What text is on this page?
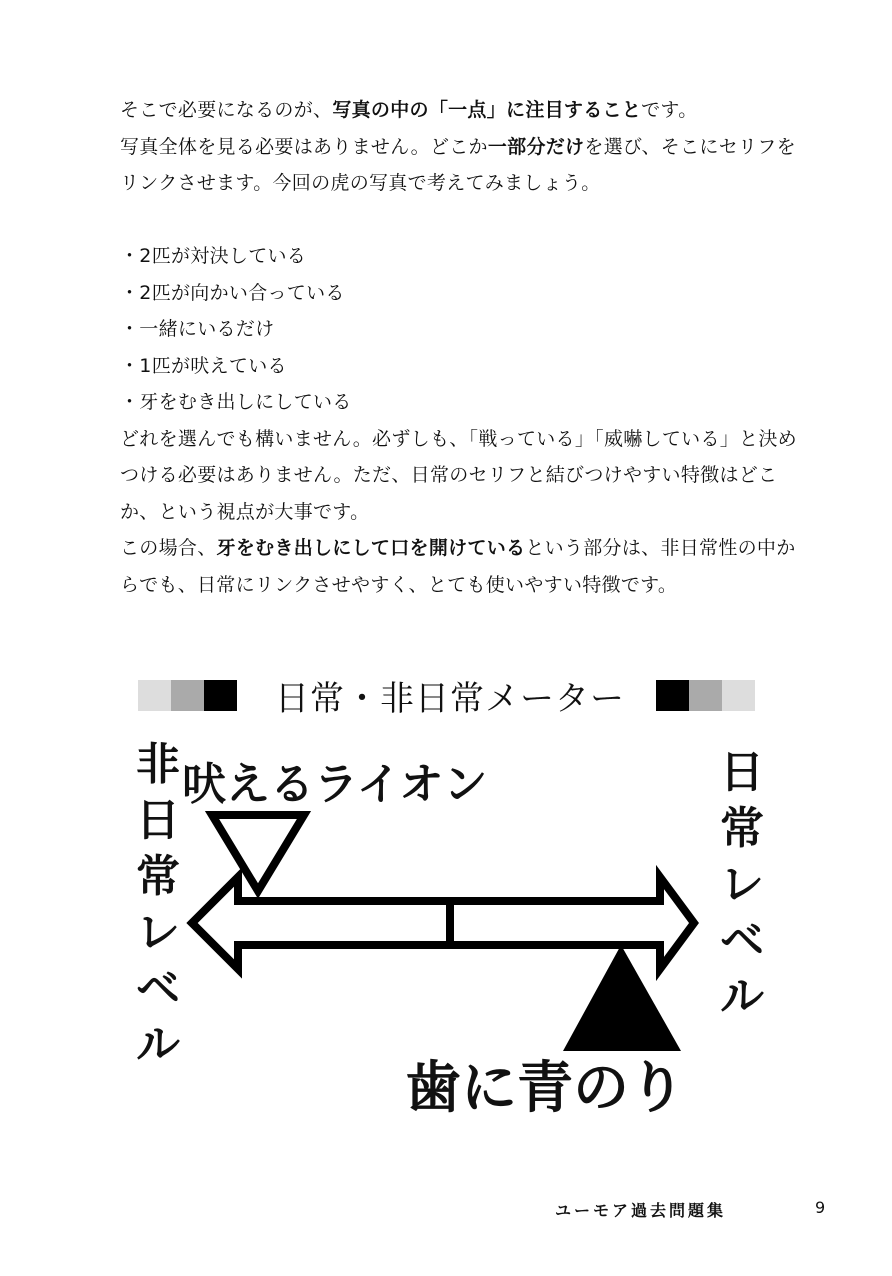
そこで必要になるのが、写真の中の「一点」に注目することです。

写真全体を見る必要はありません。どこか一部分だけを選び、そこにセリフをリンクさせます。今回の虎の写真で考えてみましょう。

・2匹が対決している
・2匹が向かい合っている
・一緒にいるだけ
・1匹が吠えている
・牙をむき出しにしている

どれを選んでも構いません。必ずしも、「戦っている」「威嚇している」と決めつける必要はありません。ただ、日常のセリフと結びつけやすい特徴はどこか、という視点が大事です。

この場合、牙をむき出しにして口を開けているという部分は、非日常性の中からでも、日常にリンクさせやすく、とても使いやすい特徴です。

日常・非日常メーター
非
日
常
レ
ベ
ル
日
常
レ
ベ
ル
吠えるライオン
歯に青のり
ユーモア過去問題集	9
